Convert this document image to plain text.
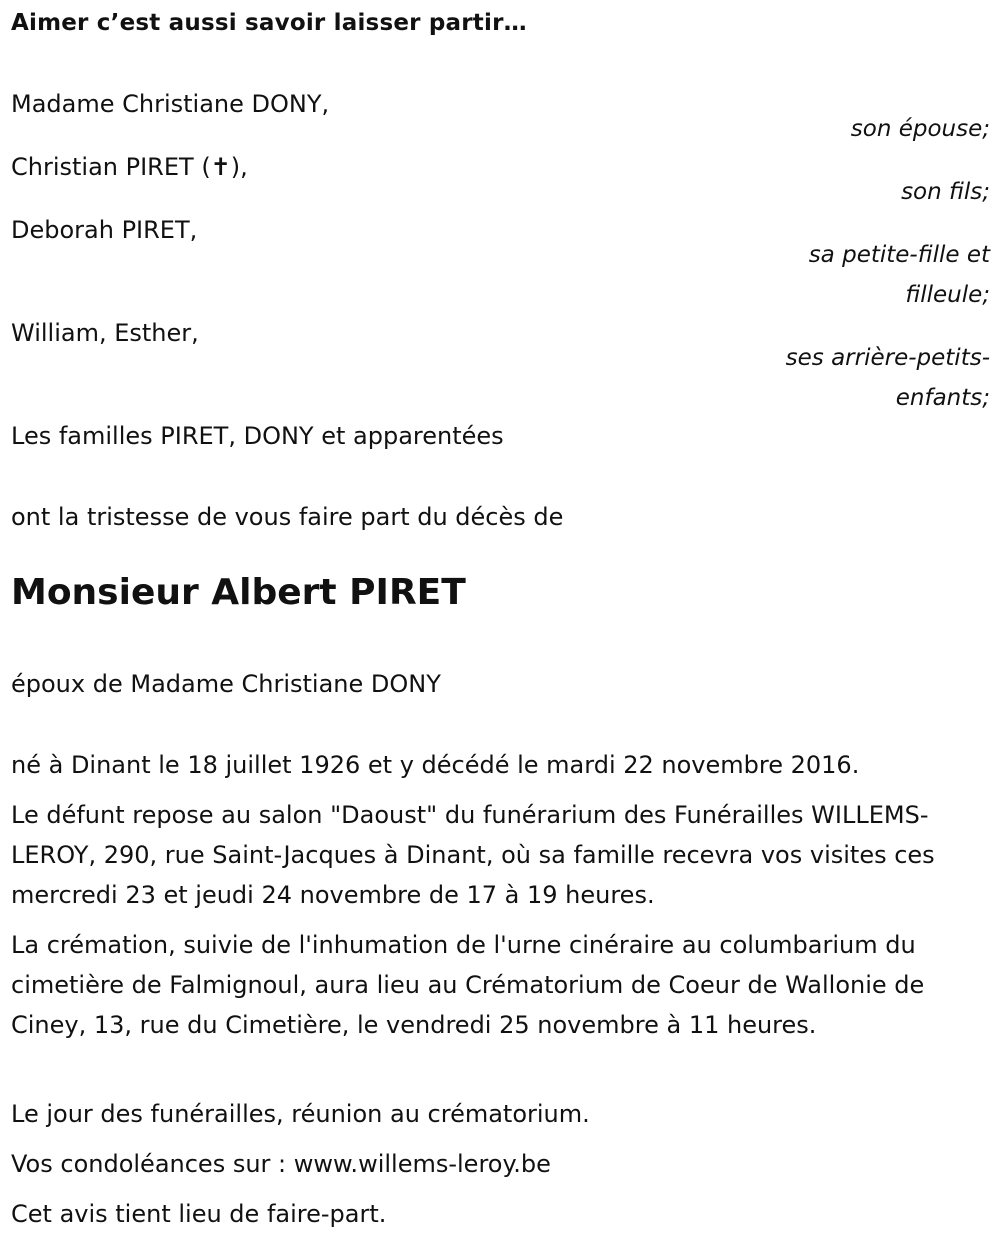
Aimer c’est aussi savoir laisser partir…
Madame Christiane DONY,
son épouse;
Christian PIRET (✝),
son fils;
Deborah PIRET,
sa petite-fille et
filleule;
William, Esther,
ses arrière-petits-
enfants;
Les familles PIRET, DONY et apparentées
ont la tristesse de vous faire part du décès de
Monsieur Albert PIRET
époux de Madame Christiane DONY
né à Dinant le 18 juillet 1926 et y décédé le mardi 22 novembre 2016.
Le défunt repose au salon "Daoust" du funérarium des Funérailles WILLEMS-LEROY, 290, rue Saint-Jacques à Dinant, où sa famille recevra vos visites ces mercredi 23 et jeudi 24 novembre de 17 à 19 heures.
La crémation, suivie de l'inhumation de l'urne cinéraire au columbarium du cimetière de Falmignoul, aura lieu au Crématorium de Coeur de Wallonie de Ciney, 13, rue du Cimetière, le vendredi 25 novembre à 11 heures.
Le jour des funérailles, réunion au crématorium.
Vos condoléances sur : www.willems-leroy.be
Cet avis tient lieu de faire-part.
